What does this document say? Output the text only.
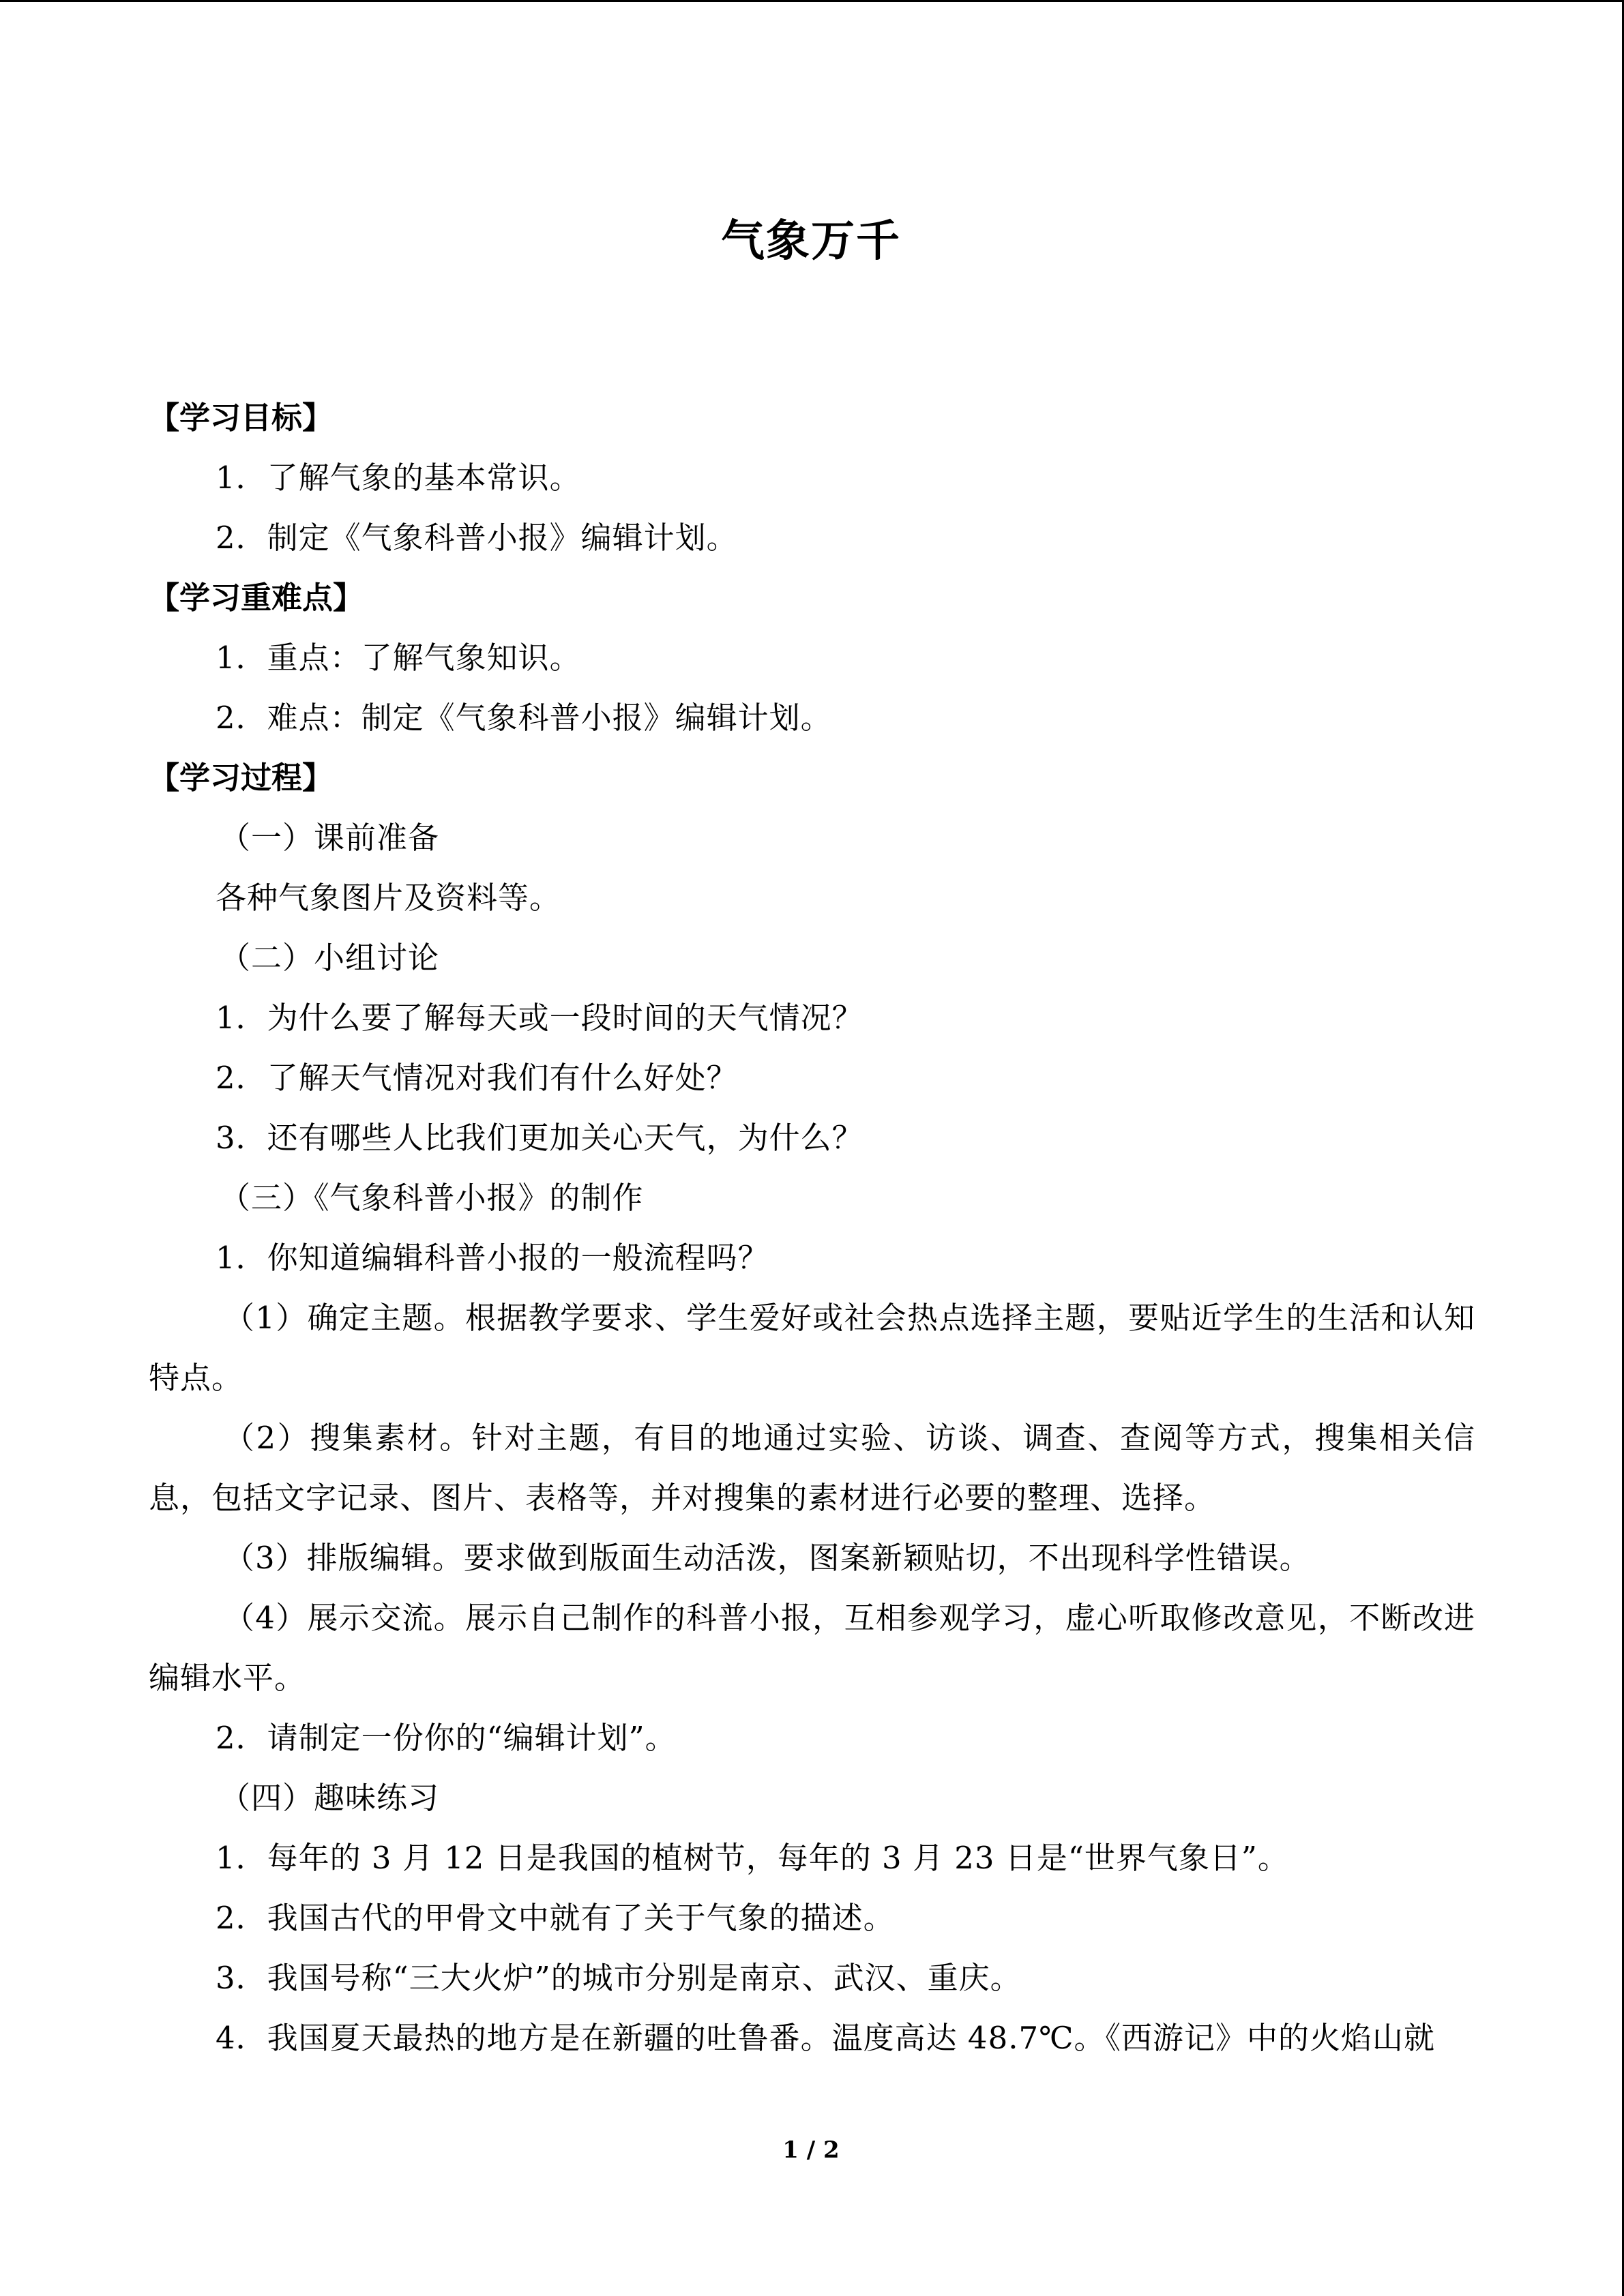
气象万千
【学习目标】
1．了解气象的基本常识。
2．制定《气象科普小报》编辑计划。
【学习重难点】
1．重点：了解气象知识。
2．难点：制定《气象科普小报》编辑计划。
【学习过程】
（一）课前准备
各种气象图片及资料等。
（二）小组讨论
1．为什么要了解每天或一段时间的天气情况？
2．了解天气情况对我们有什么好处？
3．还有哪些人比我们更加关心天气，为什么？
（三）《气象科普小报》的制作
1．你知道编辑科普小报的一般流程吗？
（1）确定主题。根据教学要求、学生爱好或社会热点选择主题，要贴近学生的生活和认知特点。
（2）搜集素材。针对主题，有目的地通过实验、访谈、调查、查阅等方式，搜集相关信息，包括文字记录、图片、表格等，并对搜集的素材进行必要的整理、选择。
（3）排版编辑。要求做到版面生动活泼，图案新颖贴切，不出现科学性错误。
（4）展示交流。展示自己制作的科普小报，互相参观学习，虚心听取修改意见，不断改进编辑水平。
2．请制定一份你的“编辑计划”。
（四）趣味练习
1．每年的 3 月 12 日是我国的植树节，每年的 3 月 23 日是“世界气象日”。
2．我国古代的甲骨文中就有了关于气象的描述。
3．我国号称“三大火炉”的城市分别是南京、武汉、重庆。
4．我国夏天最热的地方是在新疆的吐鲁番。温度高达 48.7℃。《西游记》中的火焰山就
1 / 2
